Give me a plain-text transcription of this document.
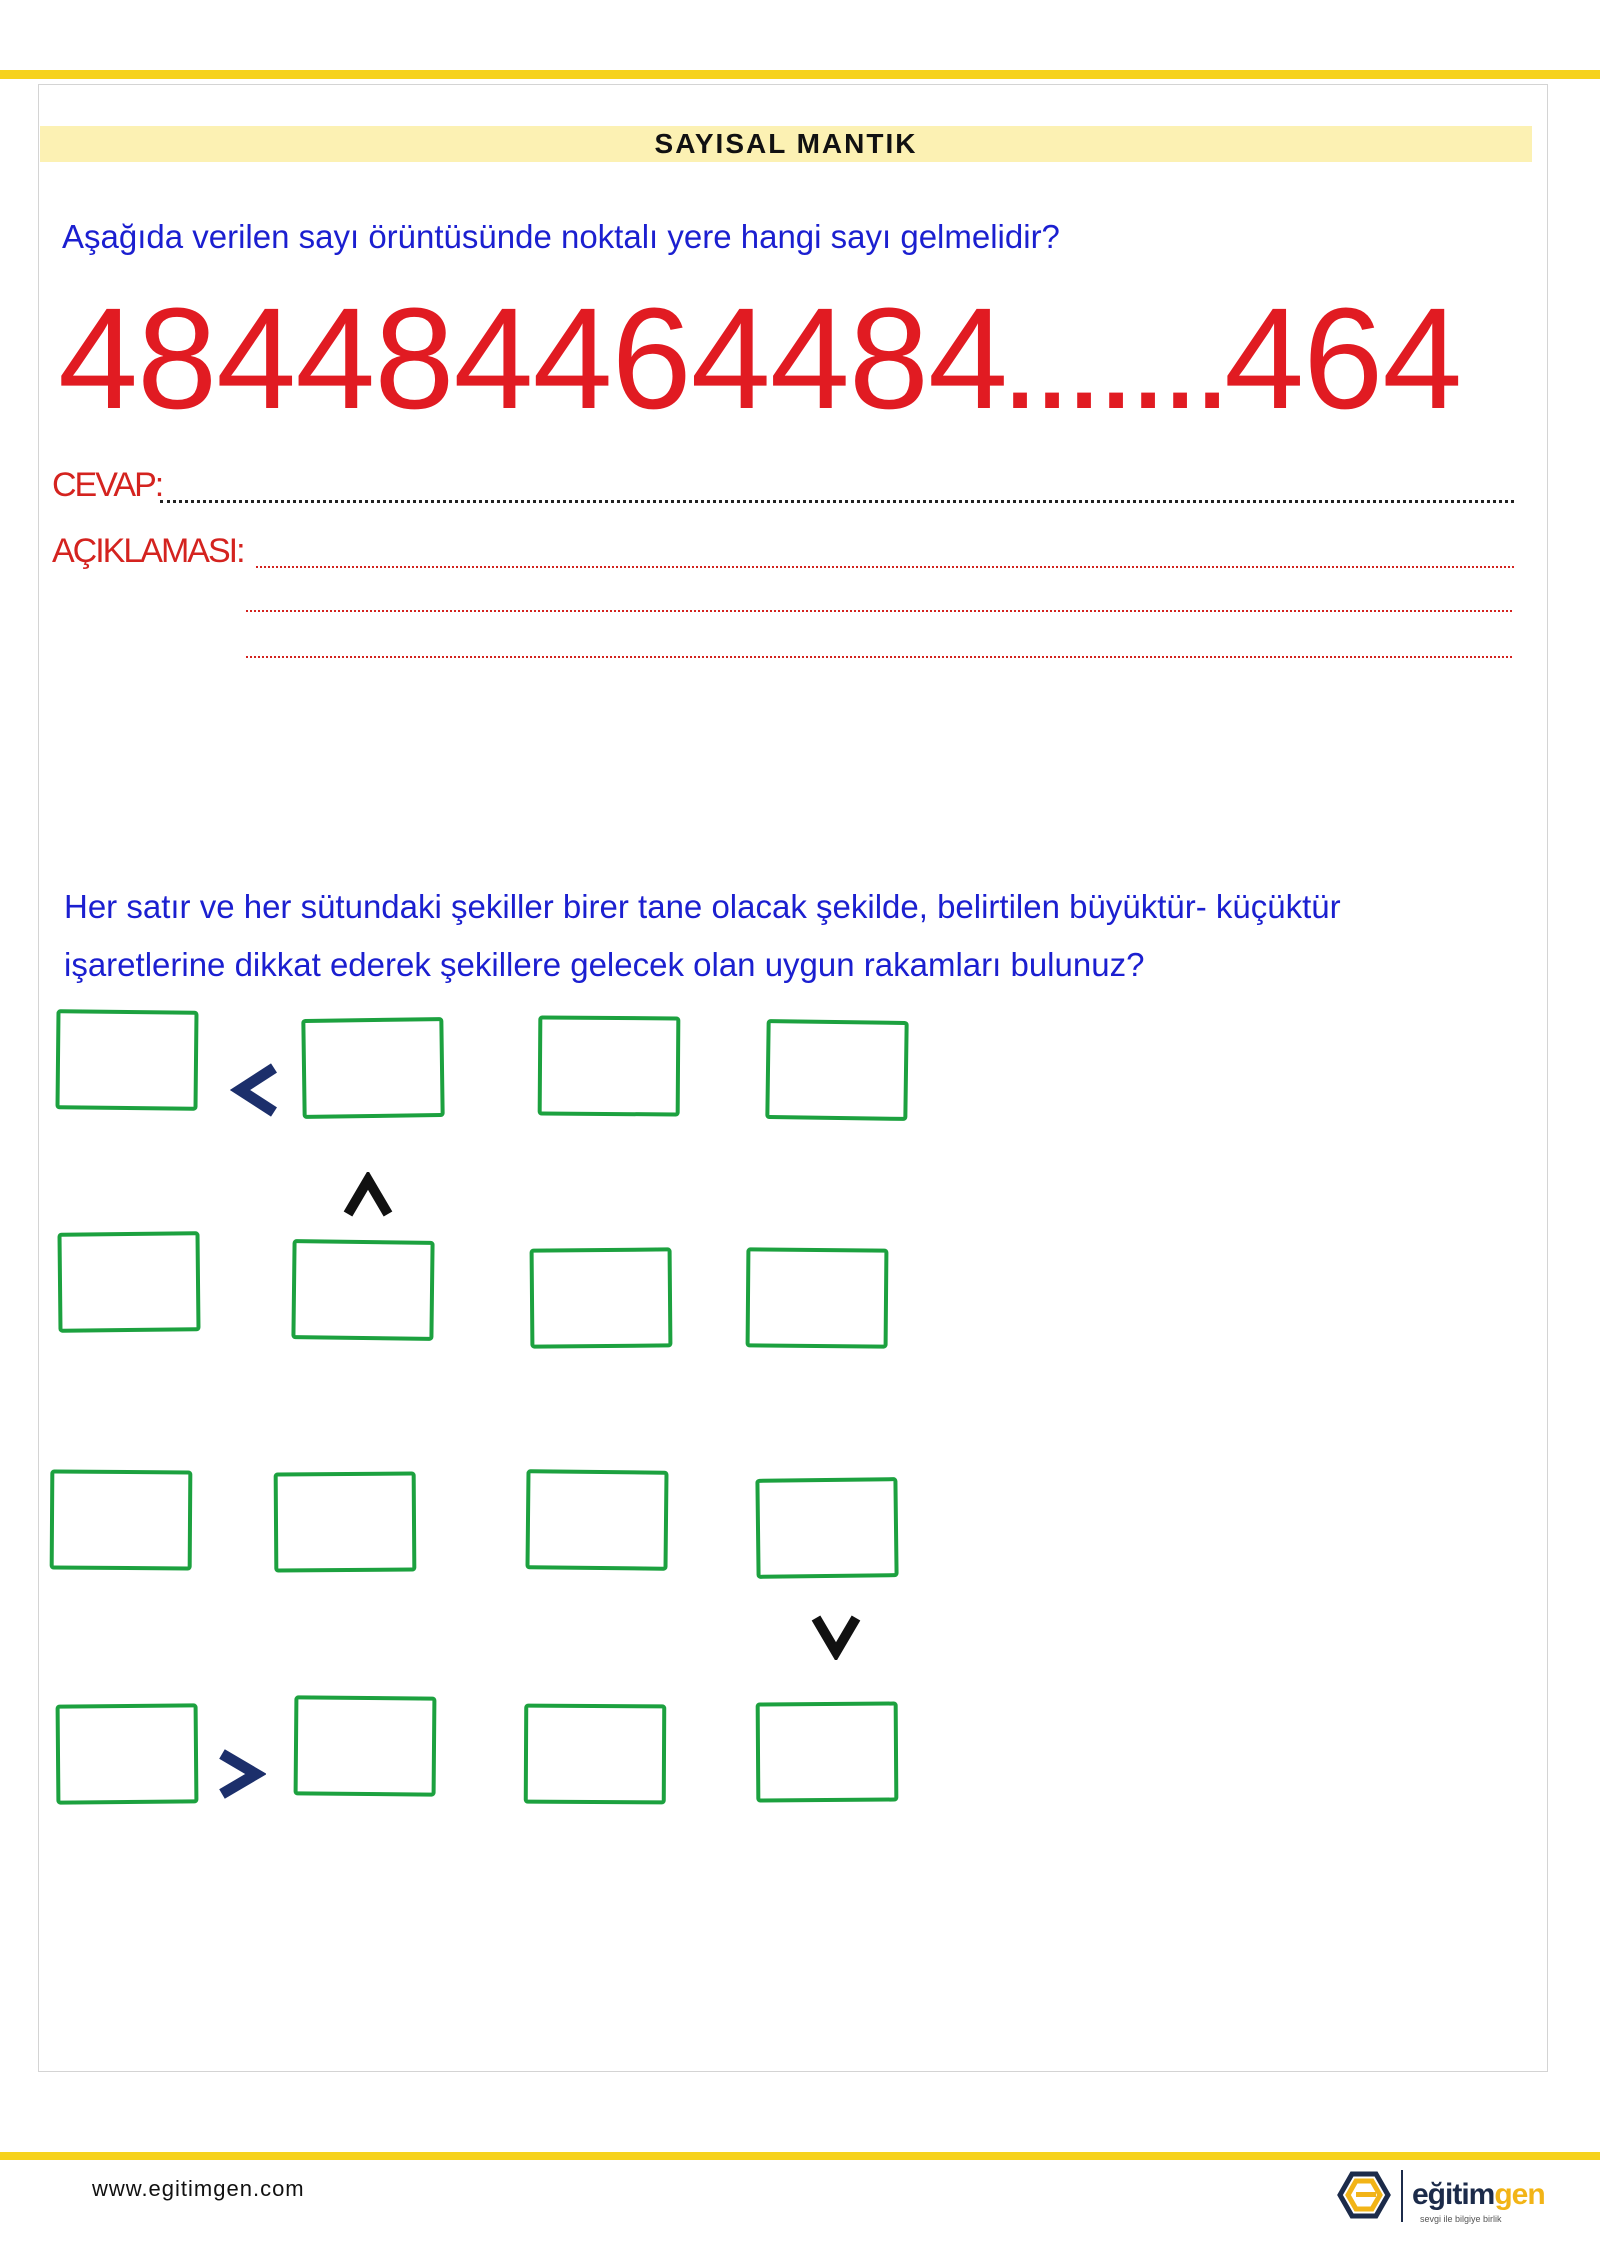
SAYISAL MANTIK
Aşağıda verilen sayı örüntüsünde noktalı yere hangi sayı gelmelidir?
484484464484.......464
CEVAP:
AÇIKLAMASI:
Her satır ve her sütundaki şekiller birer tane olacak şekilde, belirtilen büyüktür- küçüktür
işaretlerine dikkat ederek şekillere gelecek olan uygun rakamları bulunuz?
www.egitimgen.com	eğitimgen
sevgi ile bilgiye birlik
